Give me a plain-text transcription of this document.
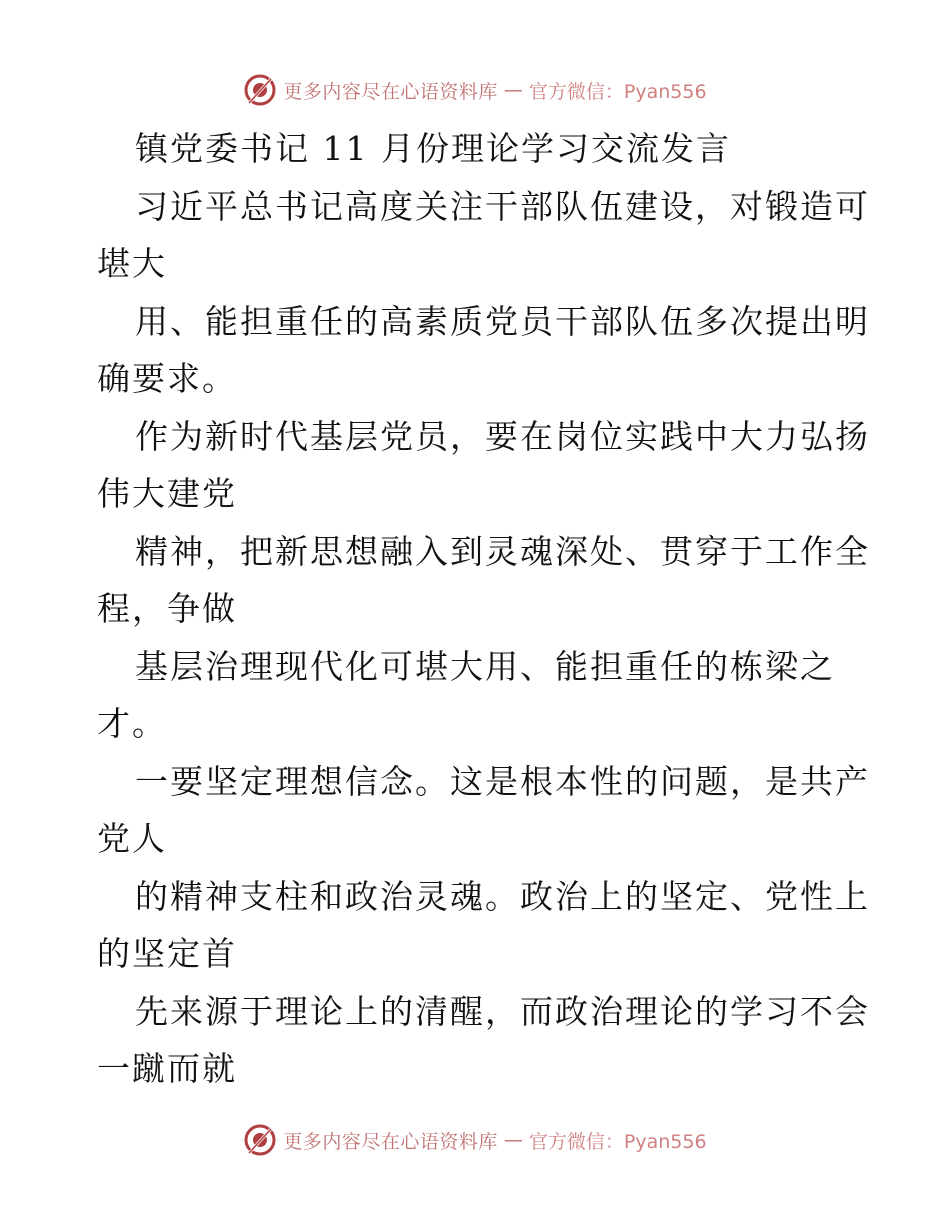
更多内容尽在心语资料库 — 官方微信：Pyan556
镇党委书记 11 月份理论学习交流发言
习近平总书记高度关注干部队伍建设，对锻造可
堪大
用、能担重任的高素质党员干部队伍多次提出明
确要求。
作为新时代基层党员，要在岗位实践中大力弘扬
伟大建党
精神，把新思想融入到灵魂深处、贯穿于工作全
程，争做
基层治理现代化可堪大用、能担重任的栋梁之
才。
一要坚定理想信念。这是根本性的问题，是共产
党人
的精神支柱和政治灵魂。政治上的坚定、党性上
的坚定首
先来源于理论上的清醒，而政治理论的学习不会
一蹴而就
更多内容尽在心语资料库 — 官方微信：Pyan556
